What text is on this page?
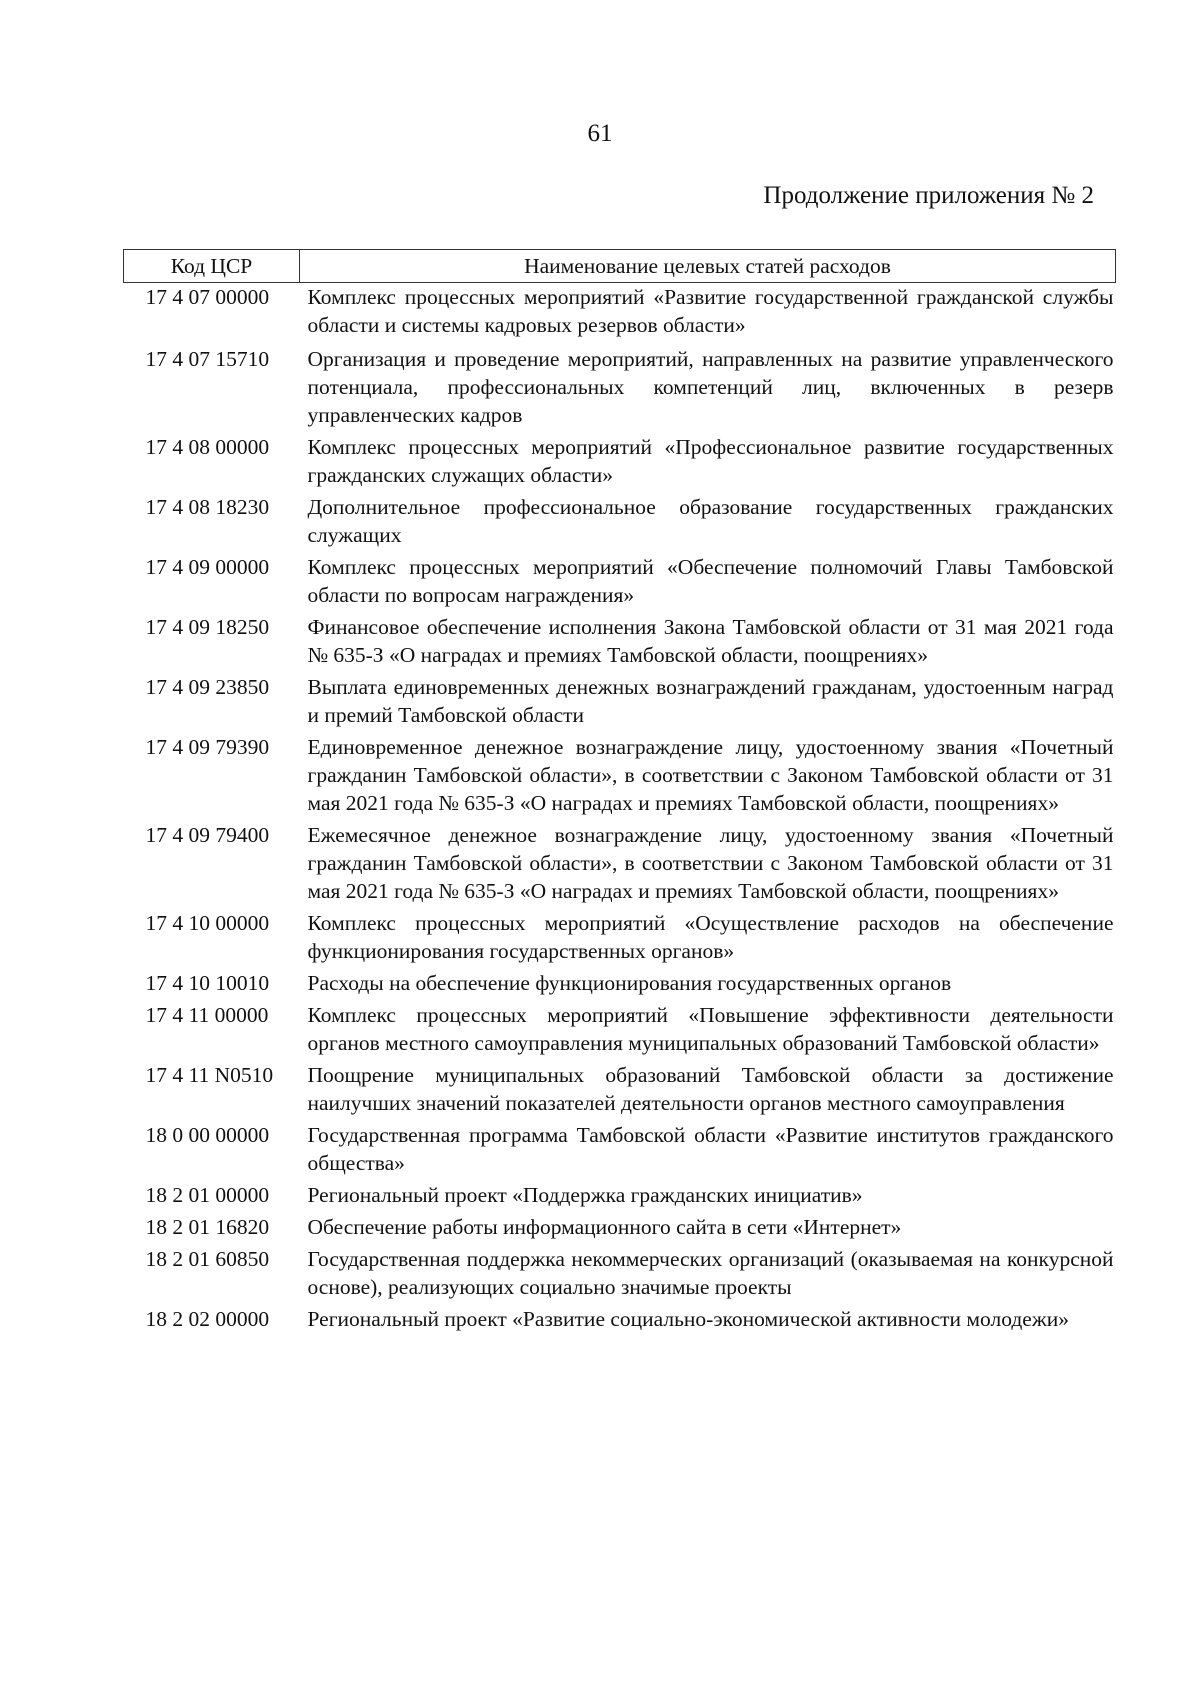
61
Продолжение приложения № 2
Код ЦСР	Наименование целевых статей расходов
17 4 07 00000	Комплекс процессных мероприятий «Развитие государственной гражданской службы области и системы кадровых резервов области»
17 4 07 15710	Организация и проведение мероприятий, направленных на развитие управленческого потенциала, профессиональных компетенций лиц, включенных в резерв управленческих кадров
17 4 08 00000	Комплекс процессных мероприятий «Профессиональное развитие государственных гражданских служащих области»
17 4 08 18230	Дополнительное профессиональное образование государственных гражданских служащих
17 4 09 00000	Комплекс процессных мероприятий «Обеспечение полномочий Главы Тамбовской области по вопросам награждения»
17 4 09 18250	Финансовое обеспечение исполнения Закона Тамбовской области от 31 мая 2021 года № 635-З «О наградах и премиях Тамбовской области, поощрениях»
17 4 09 23850	Выплата единовременных денежных вознаграждений гражданам, удостоенным наград и премий Тамбовской области
17 4 09 79390	Единовременное денежное вознаграждение лицу, удостоенному звания «Почетный гражданин Тамбовской области», в соответствии с Законом Тамбовской области от 31 мая 2021 года № 635-З «О наградах и премиях Тамбовской области, поощрениях»
17 4 09 79400	Ежемесячное денежное вознаграждение лицу, удостоенному звания «Почетный гражданин Тамбовской области», в соответствии с Законом Тамбовской области от 31 мая 2021 года № 635-З «О наградах и премиях Тамбовской области, поощрениях»
17 4 10 00000	Комплекс процессных мероприятий «Осуществление расходов на обеспечение функционирования государственных органов»
17 4 10 10010	Расходы на обеспечение функционирования государственных органов
17 4 11 00000	Комплекс процессных мероприятий «Повышение эффективности деятельности органов местного самоуправления муниципальных образований Тамбовской области»
17 4 11 N0510	Поощрение муниципальных образований Тамбовской области за достижение наилучших значений показателей деятельности органов местного самоуправления
18 0 00 00000	Государственная программа Тамбовской области «Развитие институтов гражданского общества»
18 2 01 00000	Региональный проект «Поддержка гражданских инициатив»
18 2 01 16820	Обеспечение работы информационного сайта в сети «Интернет»
18 2 01 60850	Государственная поддержка некоммерческих организаций (оказываемая на конкурсной основе), реализующих социально значимые проекты
18 2 02 00000	Региональный проект «Развитие социально-экономической активности молодежи»
